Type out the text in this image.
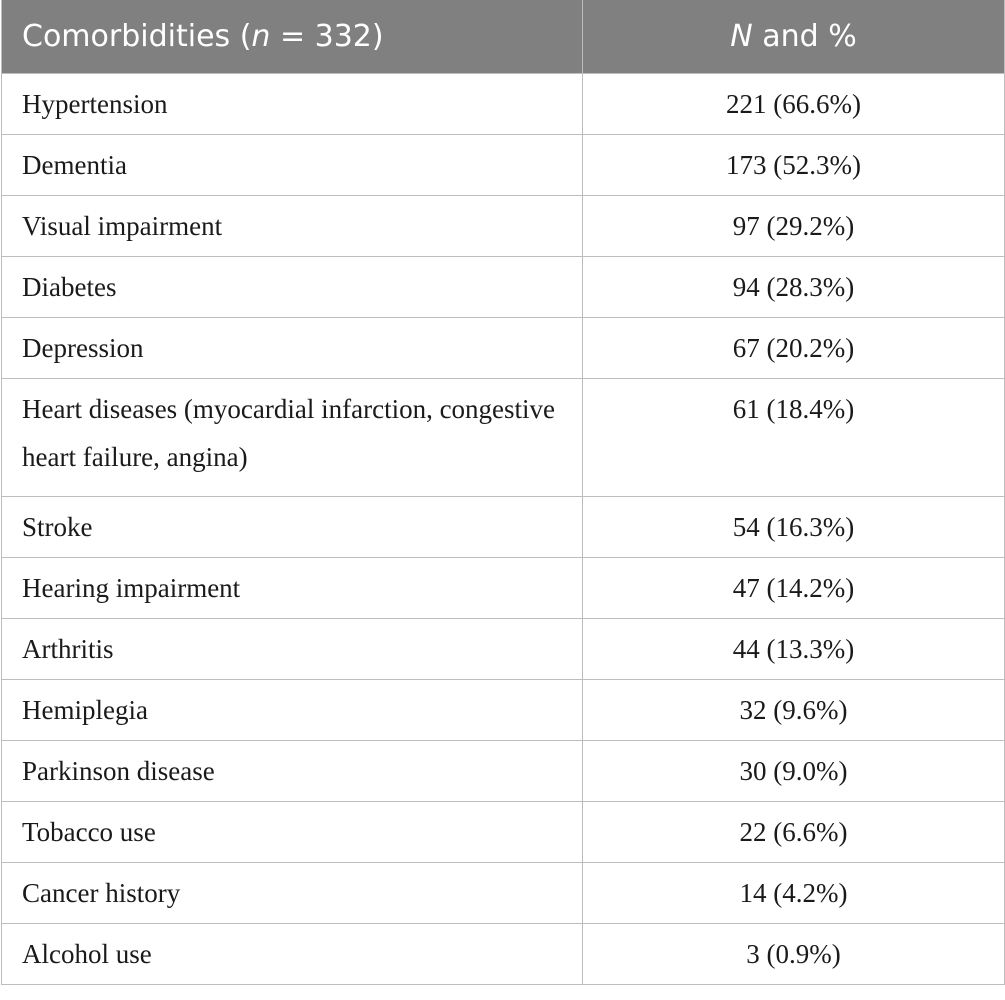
Comorbidities (n = 332)	N and %
Hypertension	221 (66.6%)
Dementia	173 (52.3%)
Visual impairment	97 (29.2%)
Diabetes	94 (28.3%)
Depression	67 (20.2%)
Heart diseases (myocardial infarction, congestive heart failure, angina)	61 (18.4%)
Stroke	54 (16.3%)
Hearing impairment	47 (14.2%)
Arthritis	44 (13.3%)
Hemiplegia	32 (9.6%)
Parkinson disease	30 (9.0%)
Tobacco use	22 (6.6%)
Cancer history	14 (4.2%)
Alcohol use	3 (0.9%)
